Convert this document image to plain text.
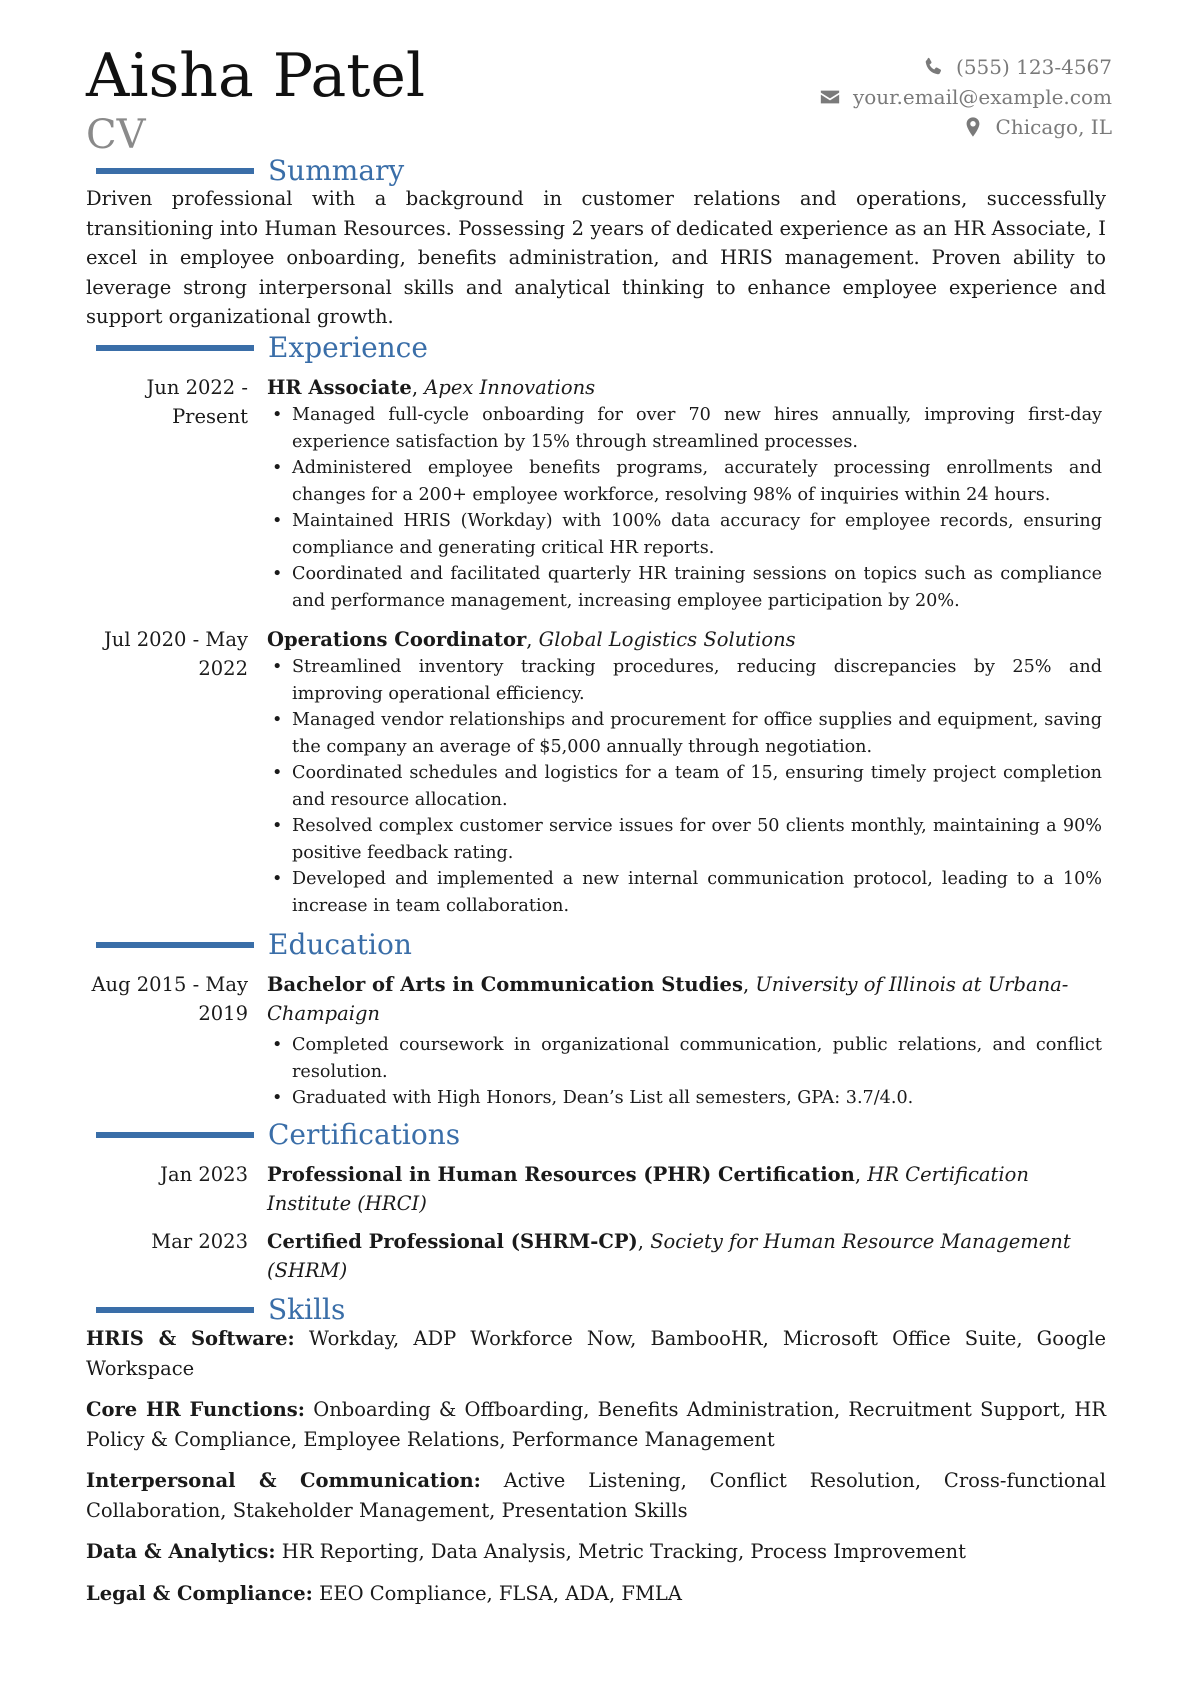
Aisha Patel
CV
(555) 123-4567
your.email@example.com
Chicago, IL
Summary
Driven professional with a background in customer relations and operations, successfully transitioning into Human Resources. Possessing 2 years of dedicated experience as an HR Associate, I excel in employee onboarding, benefits administration, and HRIS management. Proven ability to leverage strong interpersonal skills and analytical thinking to enhance employee experience and support organizational growth.
Experience
Jun 2022 - Present
HR Associate, Apex Innovations
• Managed full-cycle onboarding for over 70 new hires annually, improving first-day experience satisfaction by 15% through streamlined processes.
• Administered employee benefits programs, accurately processing enrollments and changes for a 200+ employee workforce, resolving 98% of inquiries within 24 hours.
• Maintained HRIS (Workday) with 100% data accuracy for employee records, ensuring compliance and generating critical HR reports.
• Coordinated and facilitated quarterly HR training sessions on topics such as compliance and performance management, increasing employee participation by 20%.
Jul 2020 - May 2022
Operations Coordinator, Global Logistics Solutions
• Streamlined inventory tracking procedures, reducing discrepancies by 25% and improving operational efficiency.
• Managed vendor relationships and procurement for office supplies and equipment, saving the company an average of $5,000 annually through negotiation.
• Coordinated schedules and logistics for a team of 15, ensuring timely project completion and resource allocation.
• Resolved complex customer service issues for over 50 clients monthly, maintaining a 90% positive feedback rating.
• Developed and implemented a new internal communication protocol, leading to a 10% increase in team collaboration.
Education
Aug 2015 - May 2019
Bachelor of Arts in Communication Studies, University of Illinois at Urbana-Champaign
• Completed coursework in organizational communication, public relations, and conflict resolution.
• Graduated with High Honors, Dean’s List all semesters, GPA: 3.7/4.0.
Certifications
Jan 2023 Professional in Human Resources (PHR) Certification, HR Certification Institute (HRCI)
Mar 2023 Certified Professional (SHRM-CP), Society for Human Resource Management (SHRM)
Skills
HRIS & Software: Workday, ADP Workforce Now, BambooHR, Microsoft Office Suite, Google Workspace
Core HR Functions: Onboarding & Offboarding, Benefits Administration, Recruitment Support, HR Policy & Compliance, Employee Relations, Performance Management
Interpersonal & Communication: Active Listening, Conflict Resolution, Cross-functional Collaboration, Stakeholder Management, Presentation Skills
Data & Analytics: HR Reporting, Data Analysis, Metric Tracking, Process Improvement
Legal & Compliance: EEO Compliance, FLSA, ADA, FMLA
